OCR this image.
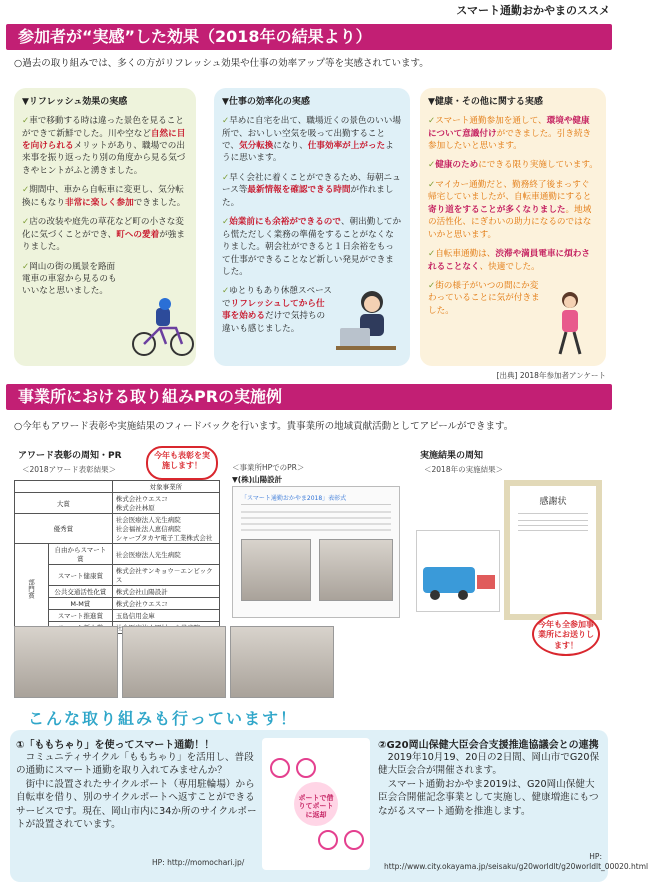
スマート通勤おかやまのススメ
参加者が“実感”した効果（2018年の結果より）
○過去の取り組みでは、多くの方がリフレッシュ効果や仕事の効率アップ等を実感されています。
▼リフレッシュ効果の実感
✓車で移動する時は違った景色を見ることができて新鮮でした。川や空など自然に目を向けられるメリットがあり、職場での出来事を振り返ったり別の角度から見る気づきやヒントがふと湧きました。
✓期間中、車から自転車に変更し、気分転換にもなり非常に楽しく参加できました。
✓店の改装や庭先の草花など町の小さな変化に気づくことができ、町への愛着が強まりました。
✓岡山の街の風景を路面電車の車窓から見るのもいいなと思いました。
▼仕事の効率化の実感
✓早めに自宅を出て、職場近くの景色のいい場所で、おいしい空気を吸って出勤することで、気分転換になり、仕事効率が上がったように思います。
✓早く会社に着くことができるため、毎朝ニュース等最新情報を確認できる時間が作れました。
✓始業前にも余裕ができるので、朝出勤してから慌ただしく業務の準備をすることがなくなりました。朝会社ができると１日余裕をもって仕事ができることなど新しい発見ができました。
✓ゆとりもあり休憩スペースでリフレッシュしてから仕事を始めるだけで気持ちの違いも感じました。
▼健康・その他に関する実感
✓スマート通勤参加を通して、環境や健康について意識付けができました。引き続き参加したいと思います。
✓健康のためにできる限り実施しています。
✓マイカー通勤だと、勤務終了後まっすぐ帰宅していましたが、自転車通勤にすると寄り道をすることが多くなりました。地域の活性化、にぎわいの助力になるのではないかと思います。
✓自転車通勤は、渋滞や満員電車に煩わされることなく、快適でした。
✓街の様子がいつの間にか変わっていることに気が付きました。
[出典] 2018年参加者アンケート
事業所における取り組みPRの実施例
○今年もアワード表彰や実施結果のフィードバックを行います。貴事業所の地域貢献活動としてアピールができます。
アワード表彰の周知・PR
＜2018アワード表彰結果＞
今年も表彰を実施します！
		対象事業所
大賞		株式会社ウエスコ
株式会社林原
優秀賞		社会医療法人光生病院
社会福祉法人恵信病院
シャープタカヤ電子工業株式会社
部門賞	自由からスマート賞	社会医療法人光生病院
	スマート健康賞	株式会社サンキョウ－エンビックス
	公共交通活性化賞	株式会社山陽設計
	M-M賞	株式会社ウエスコ
	スマート推進賞	玉島信用金庫

＜事業所HPでのPR＞
▼(株)山陽設計
「スマート通勤おかやま2018」表彰式
実施結果の周知
＜2018年の実施結果＞
感謝状
今年も全参加事業所にお送りします！
こんな取り組みも行っています！
①「ももちゃり」を使ってスマート通勤！！
　コミュニティサイクル「ももちゃり」を活用し、普段の通勤にスマート通勤を取り入れてみませんか？
　街中に設置されたサイクルポート（専用駐輪場）から自転車を借り、別のサイクルポートへ返すことができるサービスです。現在、岡山市内に34か所のサイクルポートが設置されています。
HP: http://momochari.jp/
ポートで借りてポートに返却
②G20岡山保健大臣会合支援推進協議会との連携
　2019年10月19、20日の2日間、岡山市でG20保健大臣会合が開催されます。
　スマート通勤おかやま2019は、G20岡山保健大臣会合開催記念事業として実施し、健康増進にもつながるスマート通勤を推進します。
HP: http://www.city.okayama.jp/seisaku/g20worldlt/g20worldlt_00020.html
